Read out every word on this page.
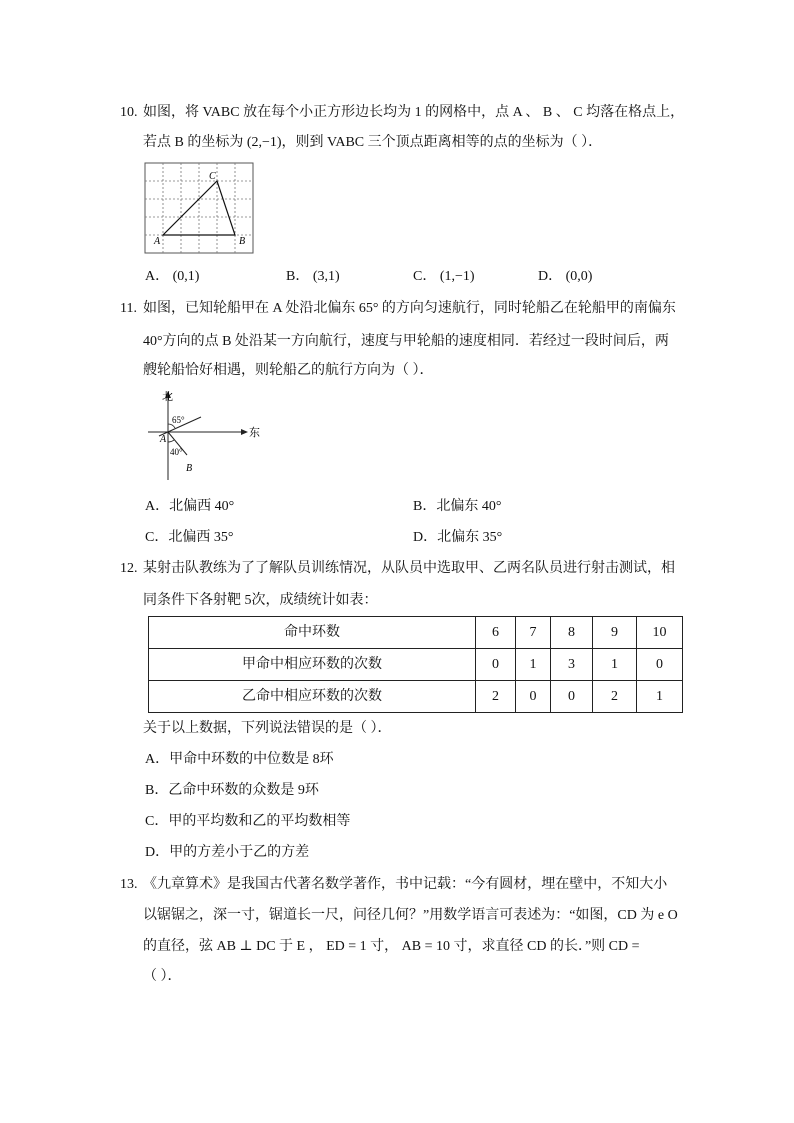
10. 如图，将 VABC 放在每个小正方形边长均为 1 的网格中，点 A 、 B 、 C 均落在格点上，
若点 B 的坐标为 (2,−1)，则到 VABC 三个顶点距离相等的点的坐标为（ ）．
A	B
C
A． (0,1)	B． (3,1)	C． (1,−1)	D． (0,0)
11. 如图，已知轮船甲在 A 处沿北偏东 65° 的方向匀速航行，同时轮船乙在轮船甲的南偏东
40°方向的点 B 处沿某一方向航行，速度与甲轮船的速度相同．若经过一段时间后，两
艘轮船恰好相遇，则轮船乙的航行方向为（ ）．
北
东
65°
A
40°
B
A．北偏西 40°	B．北偏东 40°
C．北偏西 35°	D．北偏东 35°
12. 某射击队教练为了了解队员训练情况，从队员中选取甲、乙两名队员进行射击测试，相
同条件下各射靶 5次，成绩统计如表：
命中环数	6	7	8	9	10
甲命中相应环数的次数	0	1	3	1	0
乙命中相应环数的次数	2	0	0	2	1
关于以上数据，下列说法错误的是（ ）．
A．甲命中环数的中位数是 8环
B．乙命中环数的众数是 9环
C．甲的平均数和乙的平均数相等
D．甲的方差小于乙的方差
13. 《九章算术》是我国古代著名数学著作，书中记载：“今有圆材，埋在壁中，不知大小
以锯锯之，深一寸，锯道长一尺，问径几何？”用数学语言可表述为：“如图，CD 为 e O
的直径，弦 AB ⊥ DC 于 E ， ED = 1 寸， AB = 10 寸，求直径 CD 的长．”则 CD =
（ ）．
